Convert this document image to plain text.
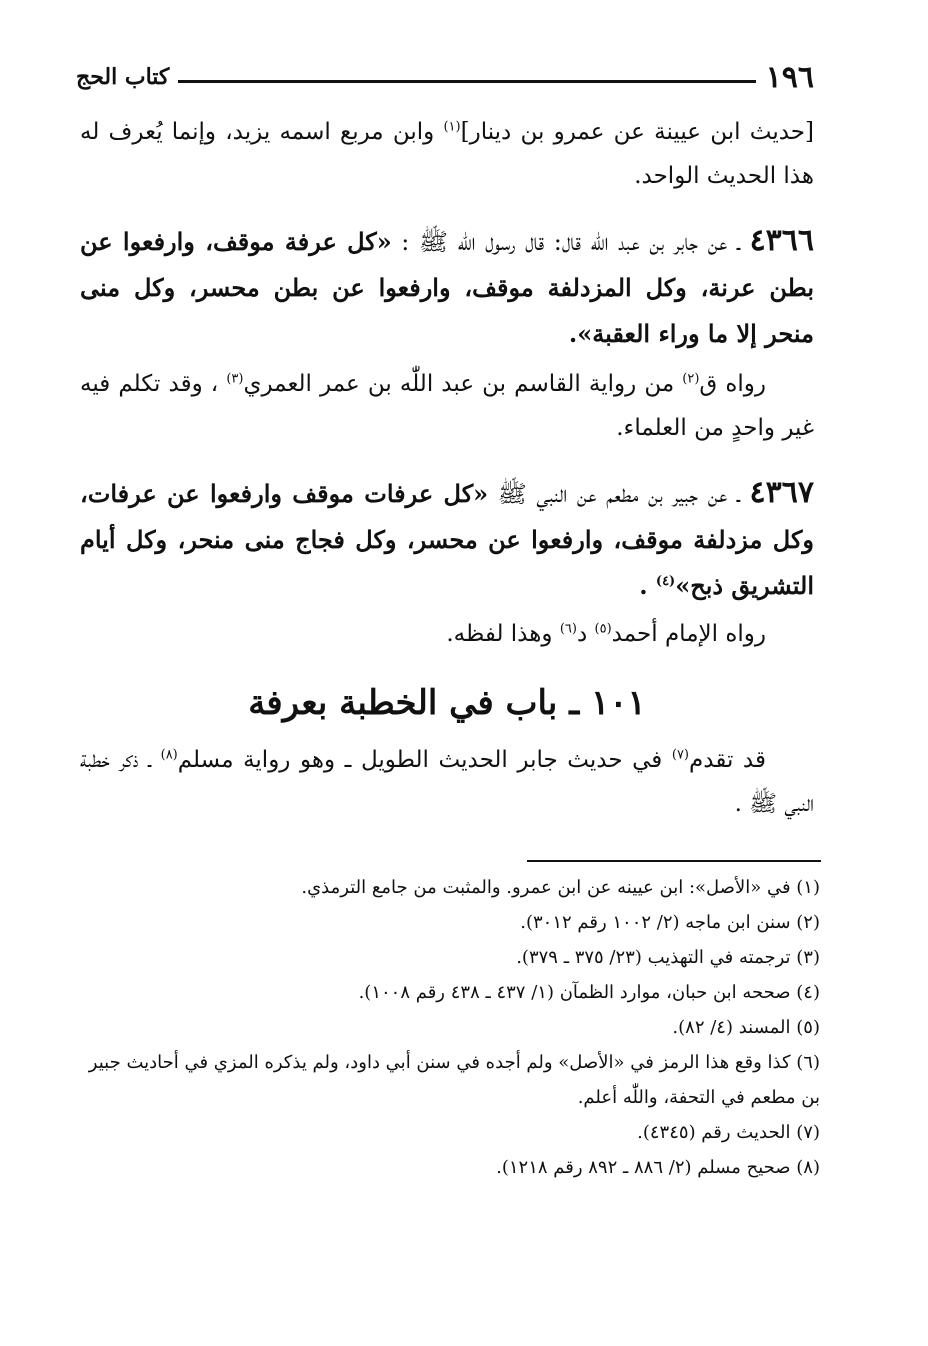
١٩٦
كتاب الحج
[حديث ابن عيينة عن عمرو بن دينار]$^{(١)}$ وابن مربع اسمه يزيد، وإنما يُعرف له هذا الحديث الواحد.
٤٣٦٦ ـ عن جابر بن عبد اللّٰه قال: قال رسول اللّٰه ﷺ : «كل عرفة موقف، وارفعوا عن بطن عرنة، وكل المزدلفة موقف، وارفعوا عن بطن محسر، وكل منى منحر إلا ما وراء العقبة».
رواه ق$^{(٢)}$ من رواية القاسم بن عبد اللّٰه بن عمر العمري$^{(٣)}$ ، وقد تكلم فيه غير واحدٍ من العلماء.
٤٣٦٧ ـ عن جبير بن مطعم عن النبي ﷺ «كل عرفات موقف وارفعوا عن عرفات، وكل مزدلفة موقف، وارفعوا عن محسر، وكل فجاج منى منحر، وكل أيام التشريق ذبح»$^{(٤)}$ .
رواه الإمام أحمد$^{(٥)}$ د$^{(٦)}$ وهذا لفظه.
١٠١ ـ باب في الخطبة بعرفة
قد تقدم$^{(٧)}$ في حديث جابر الحديث الطويل ـ وهو رواية مسلم$^{(٨)}$ ـ ذكر خطبة النبي ﷺ .

(١) في «الأصل»: ابن عيينه عن ابن عمرو. والمثبت من جامع الترمذي.

(٢) سنن ابن ماجه (٢/ ١٠٠٢ رقم ٣٠١٢).

(٣) ترجمته في التهذيب (٢٣/ ٣٧٥ ـ ٣٧٩).

(٤) صححه ابن حبان، موارد الظمآن (١/ ٤٣٧ ـ ٤٣٨ رقم ١٠٠٨).

(٥) المسند (٤/ ٨٢).

(٦) كذا وقع هذا الرمز في «الأصل» ولم أجده في سنن أبي داود، ولم يذكره المزي في أحاديث جبير بن مطعم في التحفة، واللّٰه أعلم.

(٧) الحديث رقم (٤٣٤٥).

(٨) صحيح مسلم (٢/ ٨٨٦ ـ ٨٩٢ رقم ١٢١٨).
